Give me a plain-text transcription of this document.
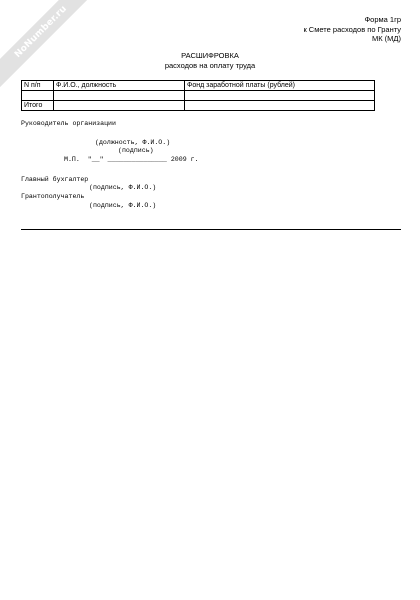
NoNumber.ru	Форма 1гр
к Смете расходов по Гранту
МК (МД)
РАСШИФРОВКА
расходов на оплату труда
N п/п	Ф.И.О., должность	Фонд заработной платы (рублей)

Итого		
Руководитель организации
(должность, Ф.И.О.)
(подпись)
М.П.  "__" _______________ 2009 г.
Главный бухгалтер
(подпись, Ф.И.О.)
Грантополучатель
(подпись, Ф.И.О.)
